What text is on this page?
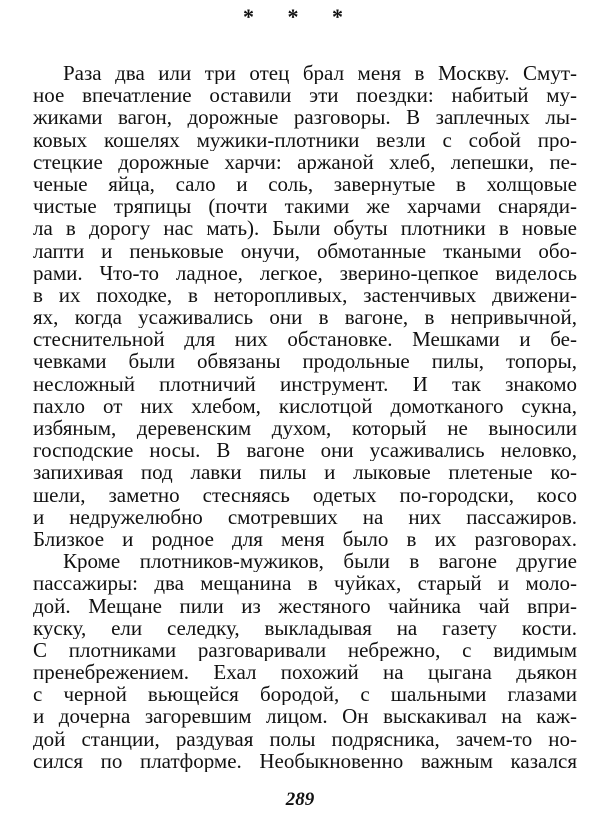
* * *
Раза два или три отец брал меня в Москву. Смут-
ное впечатление оставили эти поездки: набитый му-
жиками вагон, дорожные разговоры. В заплечных лы-
ковых кошелях мужики-плотники везли с собой про-
стецкие дорожные харчи: аржаной хлеб, лепешки, пе-
ченые яйца, сало и соль, завернутые в холщовые
чистые тряпицы (почти такими же харчами снаряди-
ла в дорогу нас мать). Были обуты плотники в новые
лапти и пеньковые онучи, обмотанные ткаными обо-
рами. Что-то ладное, легкое, зверино-цепкое виделось
в их походке, в неторопливых, застенчивых движени-
ях, когда усаживались они в вагоне, в непривычной,
стеснительной для них обстановке. Мешками и бе-
чевками были обвязаны продольные пилы, топоры,
несложный плотничий инструмент. И так знакомо
пахло от них хлебом, кислотцой домотканого сукна,
избяным, деревенским духом, который не выносили
господские носы. В вагоне они усаживались неловко,
запихивая под лавки пилы и лыковые плетеные ко-
шели, заметно стесняясь одетых по-городски, косо
и недружелюбно смотревших на них пассажиров.
Близкое и родное для меня было в их разговорах.
Кроме плотников-мужиков, были в вагоне другие
пассажиры: два мещанина в чуйках, старый и моло-
дой. Мещане пили из жестяного чайника чай впри-
куску, ели селедку, выкладывая на газету кости.
С плотниками разговаривали небрежно, с видимым
пренебрежением. Ехал похожий на цыгана дьякон
с черной вьющейся бородой, с шальными глазами
и дочерна загоревшим лицом. Он выскакивал на каж-
дой станции, раздувая полы подрясника, зачем-то но-
сился по платформе. Необыкновенно важным казался
289
